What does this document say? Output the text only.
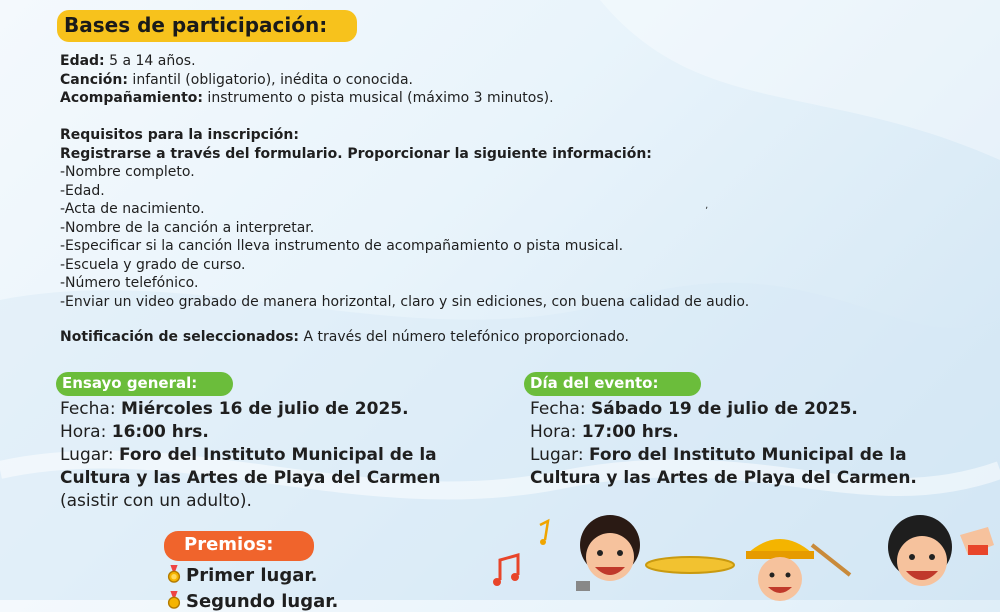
Bases de participación:

Edad: 5 a 14 años.

Canción: infantil (obligatorio), inédita o conocida.

Acompañamiento: instrumento o pista musical (máximo 3 minutos).

Requisitos para la inscripción:

Registrarse a través del formulario. Proporcionar la siguiente información:

-Nombre completo.

-Edad.

-Acta de nacimiento.

-Nombre de la canción a interpretar.

-Especificar si la canción lleva instrumento de acompañamiento o pista musical.

-Escuela y grado de curso.

-Número telefónico.

-Enviar un video grabado de manera horizontal, claro y sin ediciones, con buena calidad de audio.

ʼ

Notificación de seleccionados: A través del número telefónico proporcionado.

Ensayo general:

Fecha: Miércoles 16 de julio de 2025.

Hora: 16:00 hrs.

Lugar: Foro del Instituto Municipal de la

Cultura y las Artes de Playa del Carmen

(asistir con un adulto).

Día del evento:

Fecha: Sábado 19 de julio de 2025.

Hora: 17:00 hrs.

Lugar: Foro del Instituto Municipal de la

Cultura y las Artes de Playa del Carmen.

Premios:
Primer lugar.
Segundo lugar.
